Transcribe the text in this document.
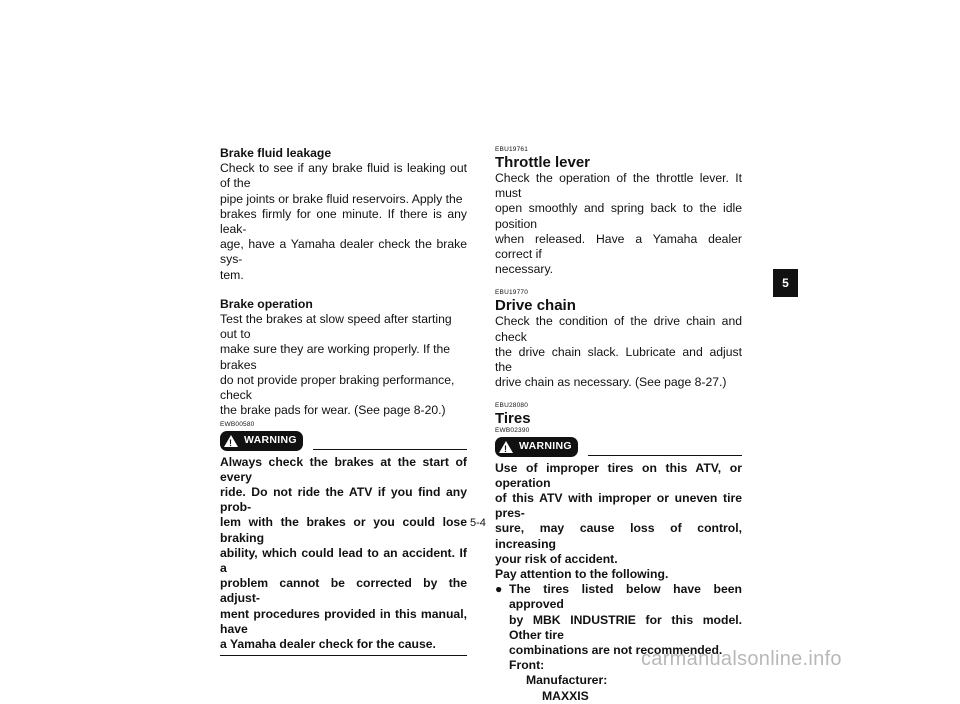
Brake fluid leakage
Check to see if any brake fluid is leaking out of the
pipe joints or brake fluid reservoirs. Apply the
brakes firmly for one minute. If there is any leak-
age, have a Yamaha dealer check the brake sys-
tem.
Brake operation
Test the brakes at slow speed after starting out to
make sure they are working properly. If the brakes
do not provide proper braking performance, check
the brake pads for wear. (See page 8-20.)
EWB00580
!
WARNING
Always check the brakes at the start of every
ride. Do not ride the ATV if you find any prob-
lem with the brakes or you could lose braking
ability, which could lead to an accident. If a
problem cannot be corrected by the adjust-
ment procedures provided in this manual, have
a Yamaha dealer check for the cause.
EBU19761
Throttle lever
Check the operation of the throttle lever. It must
open smoothly and spring back to the idle position
when released. Have a Yamaha dealer correct if
necessary.
EBU19770
Drive chain
Check the condition of the drive chain and check
the drive chain slack. Lubricate and adjust the
drive chain as necessary. (See page 8-27.)
EBU28080
Tires
EWB02390
!
WARNING
Use of improper tires on this ATV, or operation
of this ATV with improper or uneven tire pres-
sure, may cause loss of control, increasing
your risk of accident.
Pay attention to the following.
● The tires listed below have been approved
by MBK INDUSTRIE for this model. Other tire
combinations are not recommended.
Front:
Manufacturer:
MAXXIS
5
5-4
carmanualsonline.info
